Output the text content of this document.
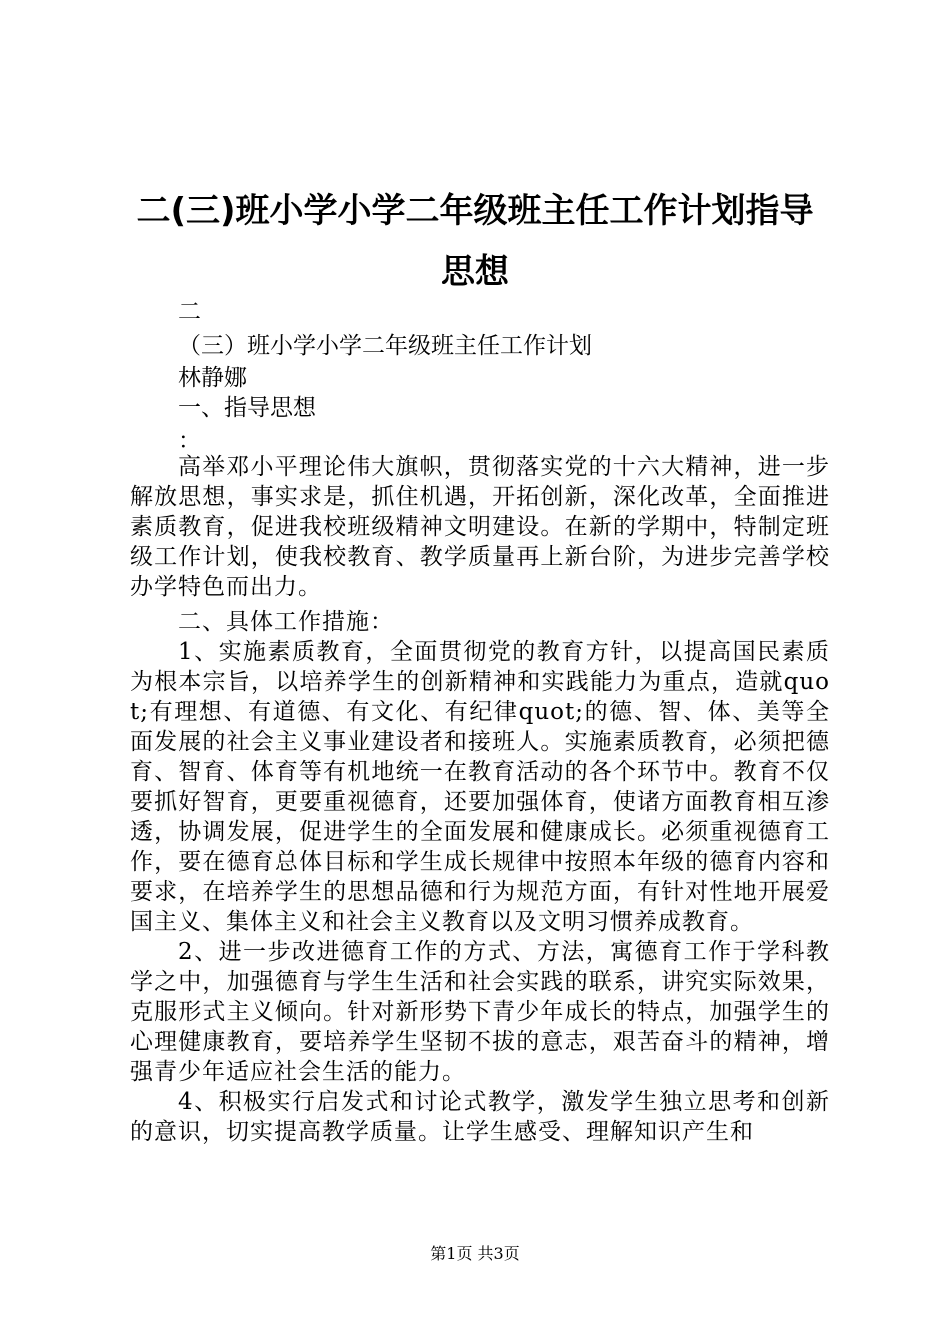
二(三)班小学小学二年级班主任工作计划指导
思想
二
（三）班小学小学二年级班主任工作计划
林静娜
一、指导思想
：

高举邓小平理论伟大旗帜，贯彻落实党的十六大精神，进一步解放思想，事实求是，抓住机遇，开拓创新，深化改革，全面推进素质教育，促进我校班级精神文明建设。在新的学期中，特制定班级工作计划，使我校教育、教学质量再上新台阶，为进步完善学校办学特色而出力。

二、具体工作措施：

1、实施素质教育，全面贯彻党的教育方针，以提高国民素质为根本宗旨，以培养学生的创新精神和实践能力为重点，造就quot;有理想、有道德、有文化、有纪律quot;的德、智、体、美等全面发展的社会主义事业建设者和接班人。实施素质教育，必须把德育、智育、体育等有机地统一在教育活动的各个环节中。教育不仅要抓好智育，更要重视德育，还要加强体育，使诸方面教育相互渗透，协调发展，促进学生的全面发展和健康成长。必须重视德育工作，要在德育总体目标和学生成长规律中按照本年级的德育内容和要求，在培养学生的思想品德和行为规范方面，有针对性地开展爱国主义、集体主义和社会主义教育以及文明习惯养成教育。

2、进一步改进德育工作的方式、方法，寓德育工作于学科教学之中，加强德育与学生生活和社会实践的联系，讲究实际效果，克服形式主义倾向。针对新形势下青少年成长的特点，加强学生的心理健康教育，要培养学生坚韧不拔的意志，艰苦奋斗的精神，增强青少年适应社会生活的能力。

4、积极实行启发式和讨论式教学，激发学生独立思考和创新的意识，切实提高教学质量。让学生感受、理解知识产生和

第1页 共3页
